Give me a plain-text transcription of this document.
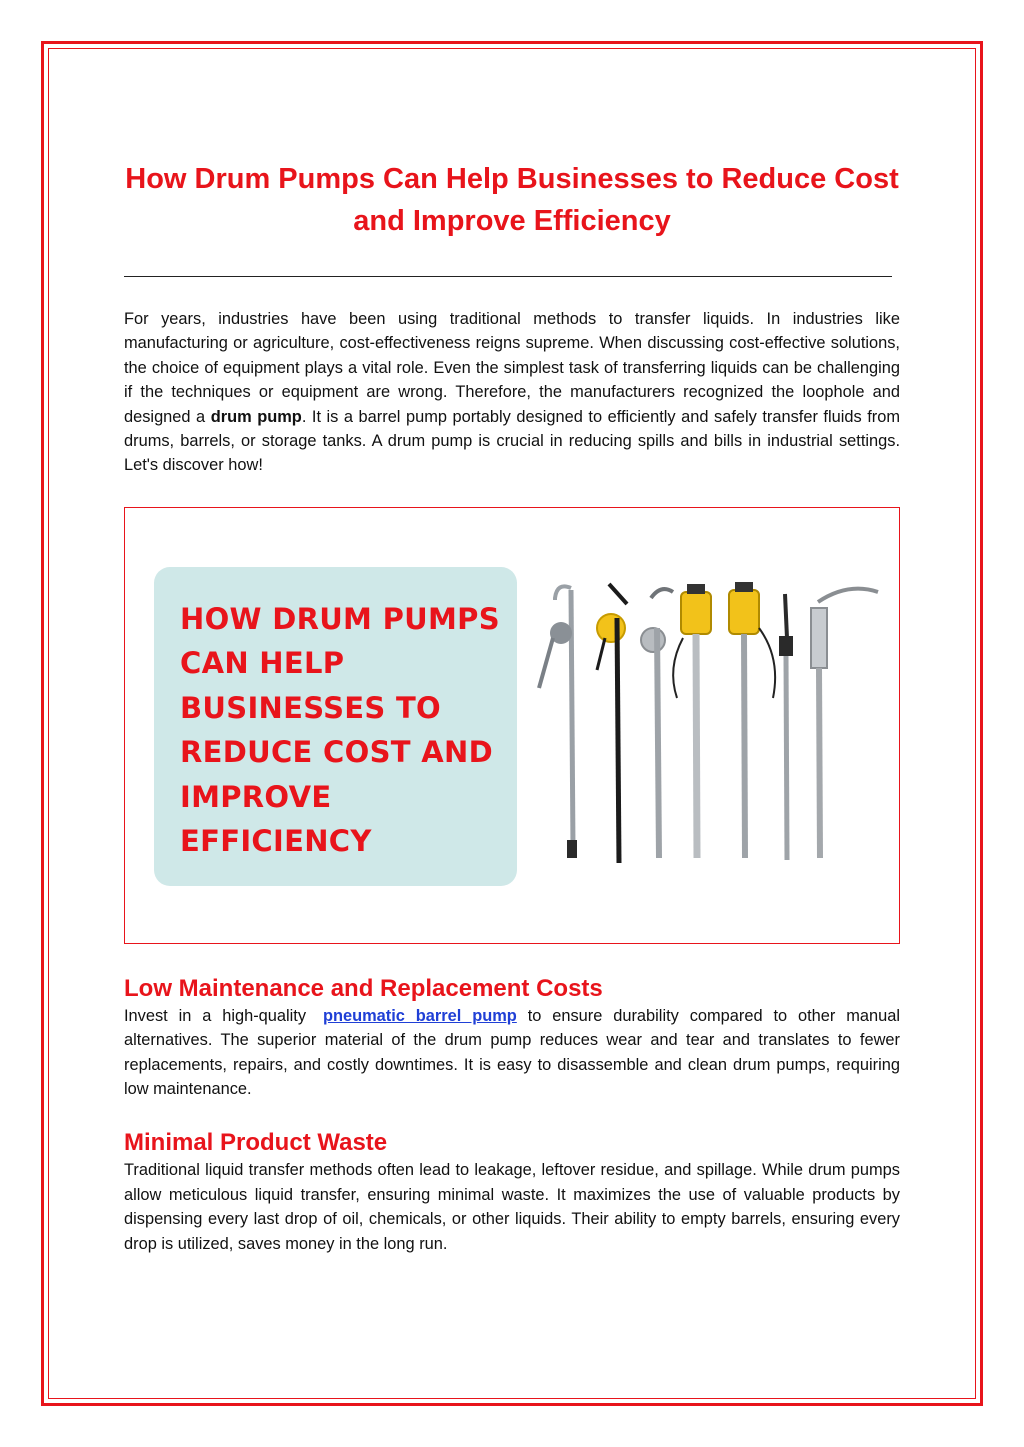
How Drum Pumps Can Help Businesses to Reduce Cost and Improve Efficiency

For years, industries have been using traditional methods to transfer liquids. In industries like manufacturing or agriculture, cost-effectiveness reigns supreme. When discussing cost-effective solutions, the choice of equipment plays a vital role. Even the simplest task of transferring liquids can be challenging if the techniques or equipment are wrong. Therefore, the manufacturers recognized the loophole and designed a drum pump. It is a barrel pump portably designed to efficiently and safely transfer fluids from drums, barrels, or storage tanks. A drum pump is crucial in reducing spills and bills in industrial settings. Let's discover how!

HOW DRUM PUMPS CAN HELP BUSINESSES TO REDUCE COST AND IMPROVE EFFICIENCY
Low Maintenance and Replacement Costs

Invest in a high-quality pneumatic barrel pump to ensure durability compared to other manual alternatives. The superior material of the drum pump reduces wear and tear and translates to fewer replacements, repairs, and costly downtimes. It is easy to disassemble and clean drum pumps, requiring low maintenance.

Minimal Product Waste

Traditional liquid transfer methods often lead to leakage, leftover residue, and spillage. While drum pumps allow meticulous liquid transfer, ensuring minimal waste. It maximizes the use of valuable products by dispensing every last drop of oil, chemicals, or other liquids. Their ability to empty barrels, ensuring every drop is utilized, saves money in the long run.
